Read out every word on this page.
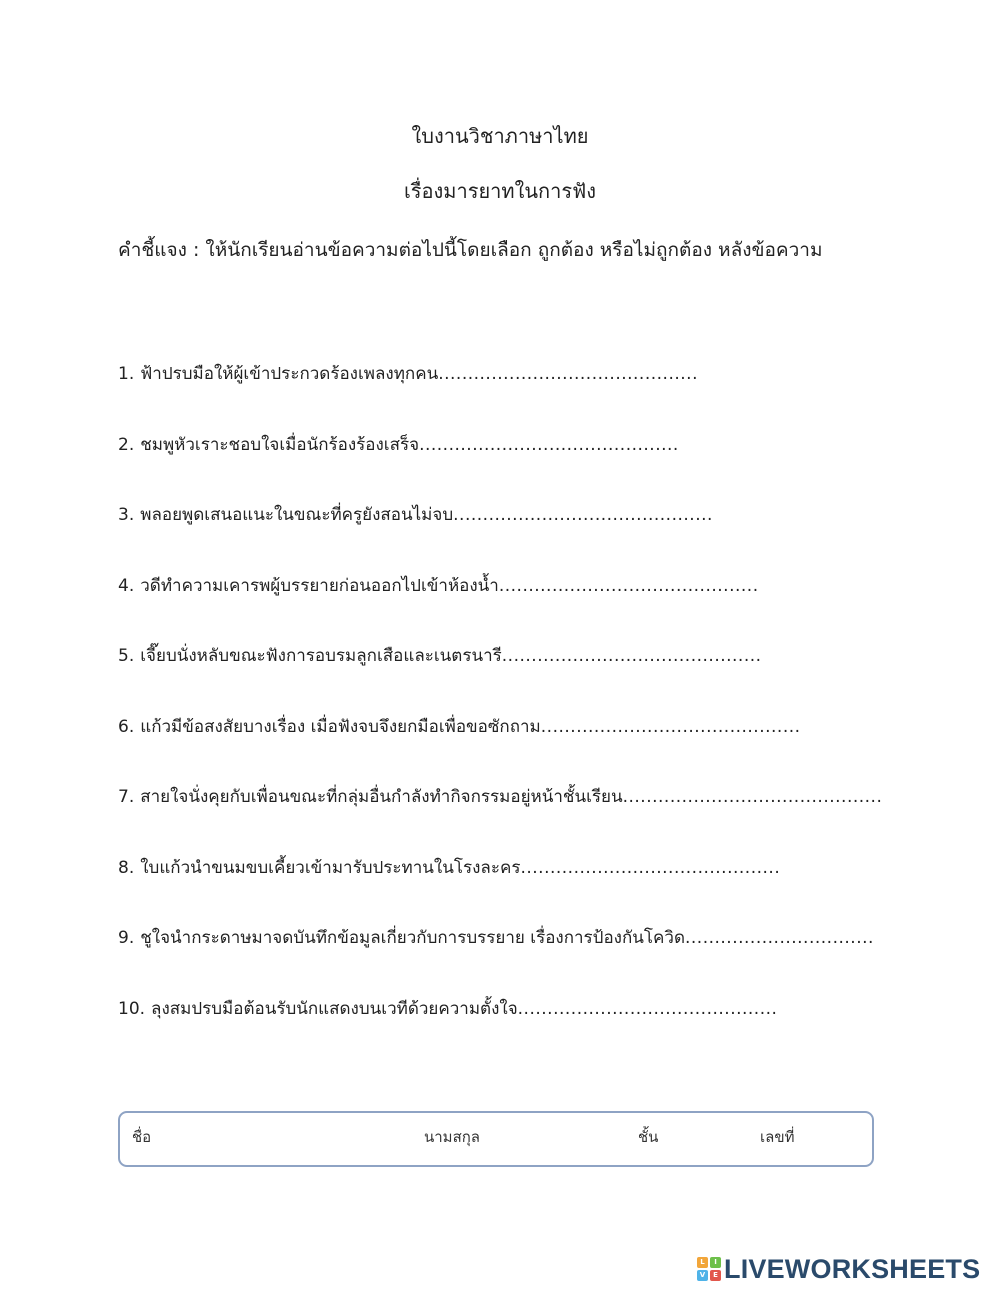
ใบงานวิชาภาษาไทย
เรื่องมารยาทในการฟัง
คำชี้แจง : ให้นักเรียนอ่านข้อความต่อไปนี้โดยเลือก ถูกต้อง หรือไม่ถูกต้อง หลังข้อความ
1. ฟ้าปรบมือให้ผู้เข้าประกวดร้องเพลงทุกคน............................................
2. ชมพูหัวเราะชอบใจเมื่อนักร้องร้องเสร็จ............................................
3. พลอยพูดเสนอแนะในขณะที่ครูยังสอนไม่จบ............................................
4. วดีทำความเคารพผู้บรรยายก่อนออกไปเข้าห้องน้ำ............................................
5. เจี๊ยบนั่งหลับขณะฟังการอบรมลูกเสือและเนตรนารี............................................
6. แก้วมีข้อสงสัยบางเรื่อง เมื่อฟังจบจึงยกมือเพื่อขอซักถาม............................................
7. สายใจนั่งคุยกับเพื่อนขณะที่กลุ่มอื่นกำลังทำกิจกรรมอยู่หน้าชั้นเรียน............................................
8. ใบแก้วนำขนมขบเคี้ยวเข้ามารับประทานในโรงละคร............................................
9. ชูใจนำกระดาษมาจดบันทึกข้อมูลเกี่ยวกับการบรรยาย เรื่องการป้องกันโควิด................................
10. ลุงสมปรบมือต้อนรับนักแสดงบนเวทีด้วยความตั้งใจ............................................
ชื่อ	นามสกุล	ชั้น	เลขที่
L	I
V	E LIVEWORKSHEETS
